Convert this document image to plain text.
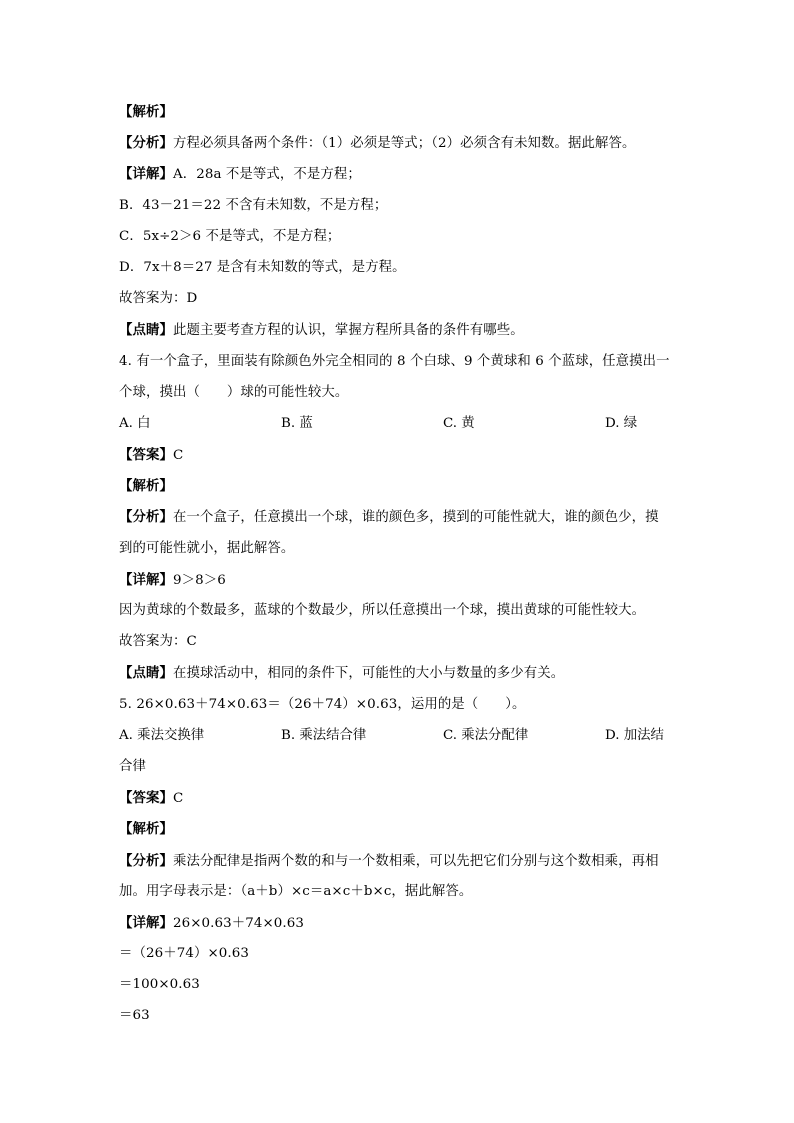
【解析】
【分析】方程必须具备两个条件：（1）必须是等式；（2）必须含有未知数。据此解答。
【详解】A．28a 不是等式，不是方程；
B．43－21＝22 不含有未知数，不是方程；
C．5x÷2＞6 不是等式，不是方程；
D．7x＋8＝27 是含有未知数的等式，是方程。
故答案为：D
【点睛】此题主要考查方程的认识，掌握方程所具备的条件有哪些。
4. 有一个盒子，里面装有除颜色外完全相同的 8 个白球、9 个黄球和 6 个蓝球，任意摸出一
个球，摸出（　　）球的可能性较大。
A. 白	B. 蓝	C. 黄	D. 绿
【答案】C
【解析】
【分析】在一个盒子，任意摸出一个球，谁的颜色多，摸到的可能性就大，谁的颜色少，摸
到的可能性就小，据此解答。
【详解】9＞8＞6
因为黄球的个数最多，蓝球的个数最少，所以任意摸出一个球，摸出黄球的可能性较大。
故答案为：C
【点睛】在摸球活动中，相同的条件下，可能性的大小与数量的多少有关。
5. 26×0.63＋74×0.63＝（26＋74）×0.63，运用的是（　　）。
A. 乘法交换律	B. 乘法结合律	C. 乘法分配律	D. 加法结
合律
【答案】C
【解析】
【分析】乘法分配律是指两个数的和与一个数相乘，可以先把它们分别与这个数相乘，再相
加。用字母表示是：（a＋b）×c＝a×c＋b×c，据此解答。
【详解】26×0.63＋74×0.63
＝（26＋74）×0.63
＝100×0.63
＝63
